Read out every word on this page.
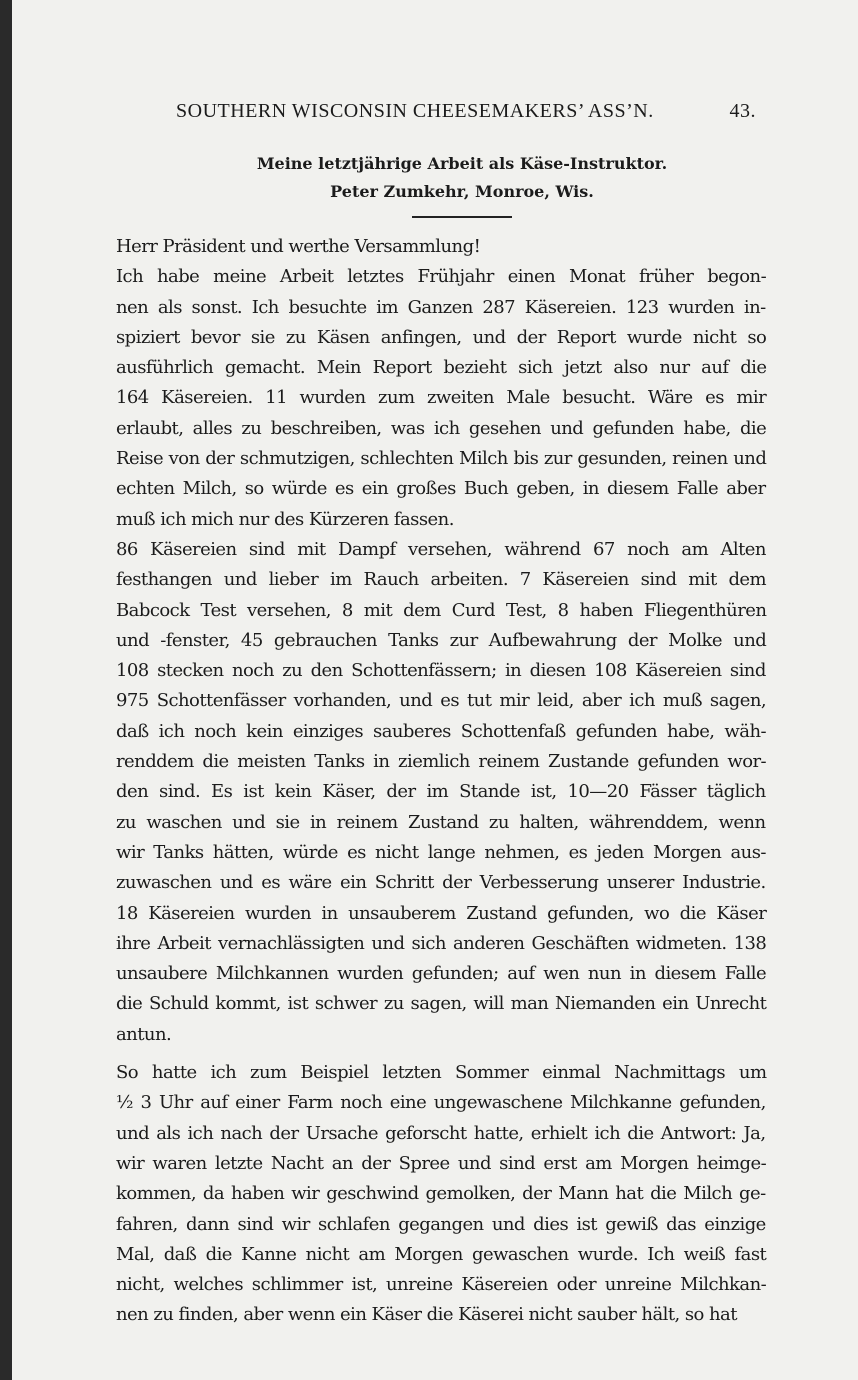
SOUTHERN WISCONSIN CHEESEMAKERS’ ASS’N.	43.
Meine letztjährige Arbeit als Käse-Instruktor.
Peter Zumkehr, Monroe, Wis.
Herr Präsident und werthe Versammlung!
Ich habe meine Arbeit letztes Frühjahr einen Monat früher begon-
nen als sonst. Ich besuchte im Ganzen 287 Käsereien. 123 wurden in-
spiziert bevor sie zu Käsen anfingen, und der Report wurde nicht so
ausführlich gemacht. Mein Report bezieht sich jetzt also nur auf die
164 Käsereien. 11 wurden zum zweiten Male besucht. Wäre es mir
erlaubt, alles zu beschreiben, was ich gesehen und gefunden habe, die
Reise von der schmutzigen, schlechten Milch bis zur gesunden, reinen und
echten Milch, so würde es ein großes Buch geben, in diesem Falle aber
muß ich mich nur des Kürzeren fassen.
86 Käsereien sind mit Dampf versehen, während 67 noch am Alten
festhangen und lieber im Rauch arbeiten. 7 Käsereien sind mit dem
Babcock Test versehen, 8 mit dem Curd Test, 8 haben Fliegenthüren
und -fenster, 45 gebrauchen Tanks zur Aufbewahrung der Molke und
108 stecken noch zu den Schottenfässern; in diesen 108 Käsereien sind
975 Schottenfässer vorhanden, und es tut mir leid, aber ich muß sagen,
daß ich noch kein einziges sauberes Schottenfaß gefunden habe, wäh-
renddem die meisten Tanks in ziemlich reinem Zustande gefunden wor-
den sind. Es ist kein Käser, der im Stande ist, 10—20 Fässer täglich
zu waschen und sie in reinem Zustand zu halten, währenddem, wenn
wir Tanks hätten, würde es nicht lange nehmen, es jeden Morgen aus-
zuwaschen und es wäre ein Schritt der Verbesserung unserer Industrie.
18 Käsereien wurden in unsauberem Zustand gefunden, wo die Käser
ihre Arbeit vernachlässigten und sich anderen Geschäften widmeten. 138
unsaubere Milchkannen wurden gefunden; auf wen nun in diesem Falle
die Schuld kommt, ist schwer zu sagen, will man Niemanden ein Unrecht
antun.
So hatte ich zum Beispiel letzten Sommer einmal Nachmittags um
½ 3 Uhr auf einer Farm noch eine ungewaschene Milchkanne gefunden,
und als ich nach der Ursache geforscht hatte, erhielt ich die Antwort: Ja,
wir waren letzte Nacht an der Spree und sind erst am Morgen heimge-
kommen, da haben wir geschwind gemolken, der Mann hat die Milch ge-
fahren, dann sind wir schlafen gegangen und dies ist gewiß das einzige
Mal, daß die Kanne nicht am Morgen gewaschen wurde. Ich weiß fast
nicht, welches schlimmer ist, unreine Käsereien oder unreine Milchkan-
nen zu finden, aber wenn ein Käser die Käserei nicht sauber hält, so hat
